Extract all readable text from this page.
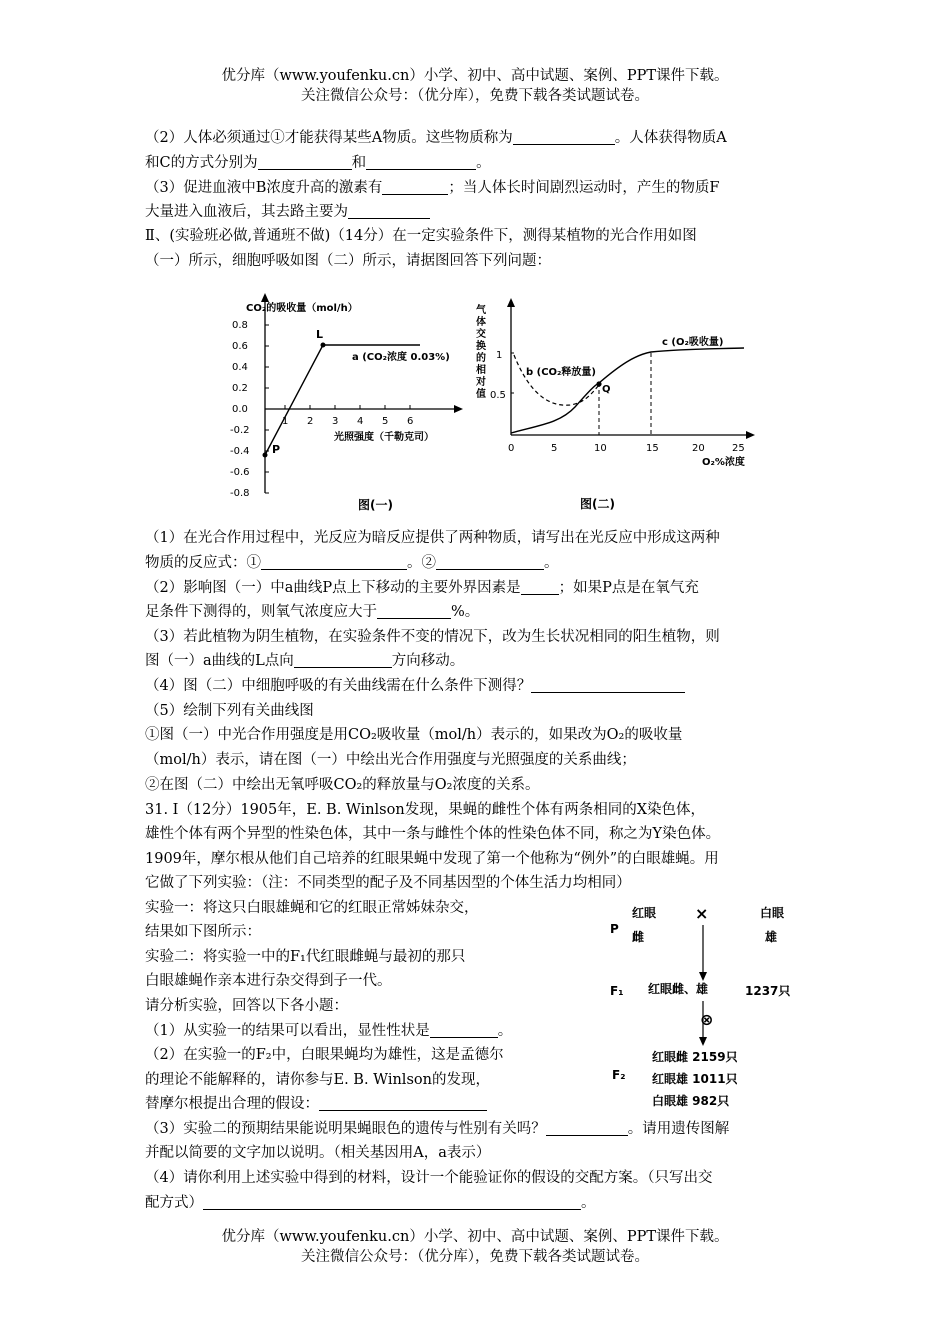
优分库（www.youfenku.cn）小学、初中、高中试题、案例、PPT课件下载。
关注微信公众号：（优分库），免费下载各类试题试卷。
（2）人体必须通过①才能获得某些A物质。这些物质称为	。人体获得物质A
和C的方式分别为	和	。
（3）促进血液中B浓度升高的激素有	；当人体长时间剧烈运动时，产生的物质F
大量进入血液后，其去路主要为
Ⅱ、(实验班必做,普通班不做)（14分）在一定实验条件下，测得某植物的光合作用如图
（一）所示，细胞呼吸如图（二）所示，请据图回答下列问题：
0.8
0.6
0.4
0.2
0.0
-0.2
-0.4
-0.6
-0.8
1 2 3 4 5 6
CO₂的吸收量（mol/h）
光照强度（千勒克司）
a (CO₂浓度 0.03%)
P
L
图(一)
气
体
交
换
的
相
对
值
1
0.5
0	5	10	15	20	25
Q
b (CO₂释放量)
c (O₂吸收量)
O₂%浓度
图(二)
（1）在光合作用过程中，光反应为暗反应提供了两种物质，请写出在光反应中形成这两种
物质的反应式：①	。②	。
（2）影响图（一）中a曲线P点上下移动的主要外界因素是	；如果P点是在氧气充
足条件下测得的，则氧气浓度应大于	%。
（3）若此植物为阴生植物，在实验条件不变的情况下，改为生长状况相同的阳生植物，则
图（一）a曲线的L点向	方向移动。
（4）图（二）中细胞呼吸的有关曲线需在什么条件下测得？
（5）绘制下列有关曲线图
①图（一）中光合作用强度是用CO₂吸收量（mol/h）表示的，如果改为O₂的吸收量
（mol/h）表示，请在图（一）中绘出光合作用强度与光照强度的关系曲线；
②在图（二）中绘出无氧呼吸CO₂的释放量与O₂浓度的关系。
31. Ⅰ（12分）1905年，E. B. Winlson发现，果蝇的雌性个体有两条相同的X染色体，
雄性个体有两个异型的性染色体，其中一条与雌性个体的性染色体不同，称之为Y染色体。
1909年，摩尔根从他们自己培养的红眼果蝇中发现了第一个他称为“例外”的白眼雄蝇。用
它做了下列实验：（注：不同类型的配子及不同基因型的个体生活力均相同）
实验一：将这只白眼雄蝇和它的红眼正常姊妹杂交，
结果如下图所示：
实验二：将实验一中的F₁代红眼雌蝇与最初的那只
白眼雄蝇作亲本进行杂交得到子一代。
请分析实验，回答以下各小题：
（1）从实验一的结果可以看出，显性性状是	。
（2）在实验一的F₂中，白眼果蝇均为雄性，这是孟德尔
的理论不能解释的，请你参与E. B. Winlson的发现，
替摩尔根提出合理的假设：
（3）实验二的预期结果能说明果蝇眼色的遗传与性别有关吗？	。请用遗传图解
并配以简要的文字加以说明。（相关基因用A，a表示）
（4）请你利用上述实验中得到的材料，设计一个能验证你的假设的交配方案。（只写出交
配方式）	。
P
红眼
雌
×	白眼
雄
F₁ 红眼雌、雄	1237只
⊗
F₂
红眼雌 2159只
红眼雄 1011只
白眼雄 982只
优分库（www.youfenku.cn）小学、初中、高中试题、案例、PPT课件下载。
关注微信公众号：（优分库），免费下载各类试题试卷。
